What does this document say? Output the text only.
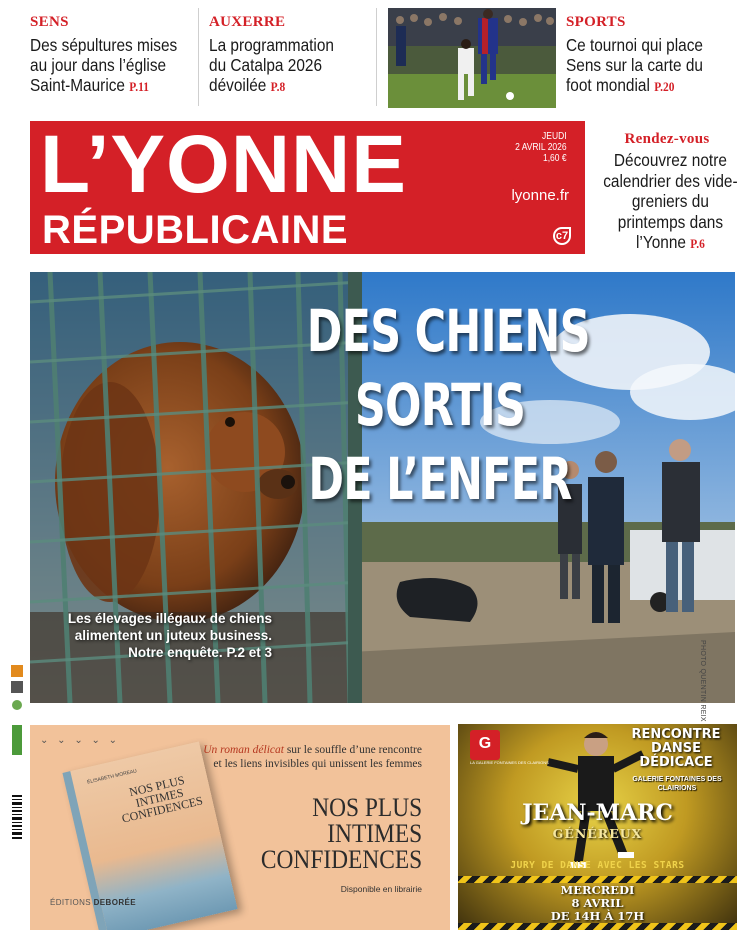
SENS
Des sépultures mises au jour dans l’église Saint-Maurice P.11
AUXERRE
La programmation du Catalpa 2026 dévoilée P.8
SPORTS
Ce tournoi qui place Sens sur la carte du foot mondial P.20
L’YONNE
RÉPUBLICAINE
JEUDI
2 AVRIL 2026
1,60 €
lyonne.fr
c7
Rendez-vous
Découvrez notre calendrier des vide-greniers du printemps dans l’Yonne P.6
DES CHIENS
SORTIS
DE L’ENFER
Les élevages illégaux de chiens alimentent un juteux business. Notre enquête. P.2 et 3	PHOTO QUENTIN REIX
⌄ ⌄ ⌄ ⌄ ⌄
ÉLISABETH MOREAU
NOS PLUS INTIMES CONFIDENCES
Un roman délicat sur le souffle d’une rencontre et les liens invisibles qui unissent les femmes
NOS PLUS
INTIMES
CONFIDENCES
Disponible en librairie
ÉDITIONS DEBORÉE
G
LA GALERIE FONTAINES DES CLAIRIONS
RENCONTRE DANSE DÉDICACE
GALERIE FONTAINES DES CLAIRIONS
JEAN-MARC
GÉNÉREUX
JURY DE DANSE AVEC LES STARS
MERCREDI
8 AVRIL
DE 14H À 17H
